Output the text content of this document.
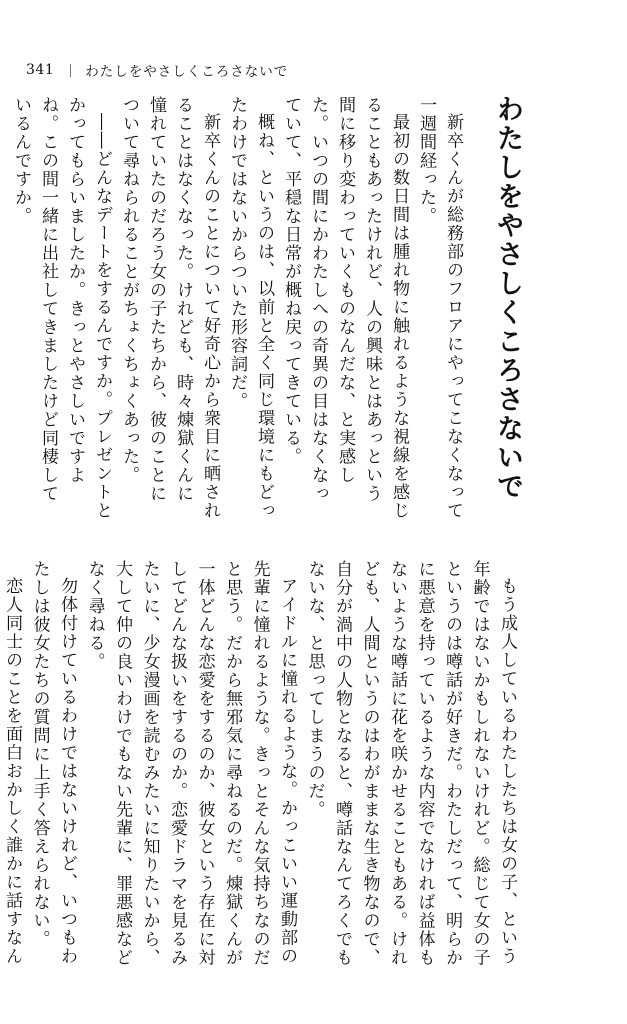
341 わたしをやさしくころさないで
わたしをやさしくころさないで
新卒くんが総務部のフロアにやってこなくなって一週間経った。
最初の数日間は腫れ物に触れるような視線を感じることもあったけれど、人の興味とはあっという間に移り変わっていくものなんだな、と実感した。いつの間にかわたしへの奇異の目はなくなっていて、平穏な日常が概ね戻ってきている。
概ね、というのは、以前と全く同じ環境にもどったわけではないからついた形容詞だ。
新卒くんのことについて好奇心から衆目に晒されることはなくなった。けれども、時々煉獄くんに憧れていたのだろう女の子たちから、彼のことについて尋ねられることがちょくちょくあった。
――どんなデートをするんですか。プレゼントとかってもらいましたか。きっとやさしいですよね。この間一緒に出社してきましたけど同棲しているんですか。
もう成人しているわたしたちは女の子、という年齢ではないかもしれないけれど。総じて女の子というのは噂話が好きだ。わたしだって、明らかに悪意を持っているような内容でなければ益体もないような噂話に花を咲かせることもある。けれども、人間というのはわがままな生き物なので、自分が渦中の人物となると、噂話なんてろくでもないな、と思ってしまうのだ。
アイドルに憧れるような。かっこいい運動部の先輩に憧れるような。きっとそんな気持ちなのだと思う。だから無邪気に尋ねるのだ。煉獄くんが一体どんな恋愛をするのか、彼女という存在に対してどんな扱いをするのか。恋愛ドラマを見るみたいに、少女漫画を読むみたいに知りたいから、大して仲の良いわけでもない先輩に、罪悪感などなく尋ねる。
勿体付けているわけではないけれど、いつもわたしは彼女たちの質問に上手く答えられない。
恋人同士のことを面白おかしく誰かに話すなん
